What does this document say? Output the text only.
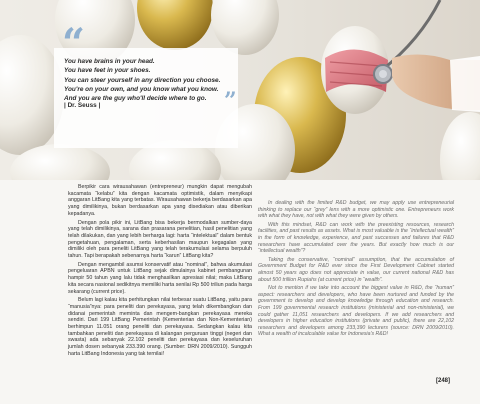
“
You have brains in your head.
You have feet in your shoes.
You can steer yourself in any direction you choose.
You're on your own, and you know what you know.
And you are the guy who'll decide where to go.
| Dr. Seuss |	”

Berpikir cara wirausahawan (entrepreneur) mungkin dapat mengubah kacamata “kelabu” kita dengan kacamata optimistik, dalam menyikapi anggaran LitBang kita yang terbatas. Wirausahawan bekerja berdasarkan apa yang dimilikinya, bukan berdasarkan apa yang disediakan atau diberikan kepadanya.

Dengan pola pikir ini, LitBang bisa bekerja bermodalkan sumber-daya yang telah dimilikinya, sarana dan prasarana penelitian, hasil penelitian yang telah dilakukan, dan yang lebih berharga lagi: harta “intelektual” dalam bentuk pengetahuan, pengalaman, serta keberhasilan maupun kegagalan yang dimiliki oleh para peneliti LitBang yang telah terakumulasi selama berpuluh tahun. Tapi berapakah sebenarnya harta “karun” LitBang kita?

Dengan mengambil asumsi konservatif atau “nominal”, bahwa akumulasi pengeluaran APBN untuk LitBang sejak dimulainya kabinet pembangunan hampir 50 tahun yang lalu tidak menghasilkan apresiasi nilai; maka LitBang kita secara nasional sedikitnya memiliki harta senilai Rp 500 triliun pada harga sekarang (current price).

Belum lagi kalau kita perhitungkan nilai terbesar suatu LitBang, yaitu para “manusia”nya: para peneliti dan perekayasa, yang telah dikembangkan dan didanai pemerintah meminta dan mengem-bangkan perekayasa mereka sendiri. Dari 199 LitBang Pemerintah (Kementerian dan Non-Kementerian) berhimpun 11.051 orang peneliti dan perekayasa. Sedangkan kalau kita tambahkan peneliti dan perekayasa di kalangan perguruan tinggi (negeri dan swasta) ada sebanyak 22.102 peneliti dan perekayasa dan keseluruhan jumlah dosen sebanyak 233.390 orang. (Sumber: DRN 2009/2010). Sungguh harta LitBang Indonesia yang tak ternilai!

In dealing with the limited R&D budget, we may apply use entrepreneurial thinking to replace our “grey” lens with a more optimistic one. Entrepreneurs work with what they have, not with what they were given by others.

With this mindset, R&D can work with the preexisting resources, research facilities, and past results as assets. What is most valuable is the “intellectual wealth” in the form of knowledge, experience, and past successes and failures that R&D researchers have accumulated over the years. But exactly how much is our “intellectual wealth”?

Taking the conservative, “nominal” assumption, that the accumulation of Government Budget for R&D ever since the First Development Cabinet started almost 50 years ago does not appreciate in value, our current national R&D has about 500 trillion Rupiahs (at current price) in “wealth”.

Not to mention if we take into account the biggest value in R&D, the “human” aspect: researchers and developers, who have been nurtured and funded by the government to develop and develop knowledge through education and research. From 199 governmental research institutions (ministerial and non-ministerial), we could gather 11,051 researchers and developers. If we add researchers and developers in higher education institutions (private and public), there are 22,102 researchers and developers among 233,390 lecturers (source: DRN 2009/2010). What a wealth of incalculable value for Indonesia's R&D!

[248]
